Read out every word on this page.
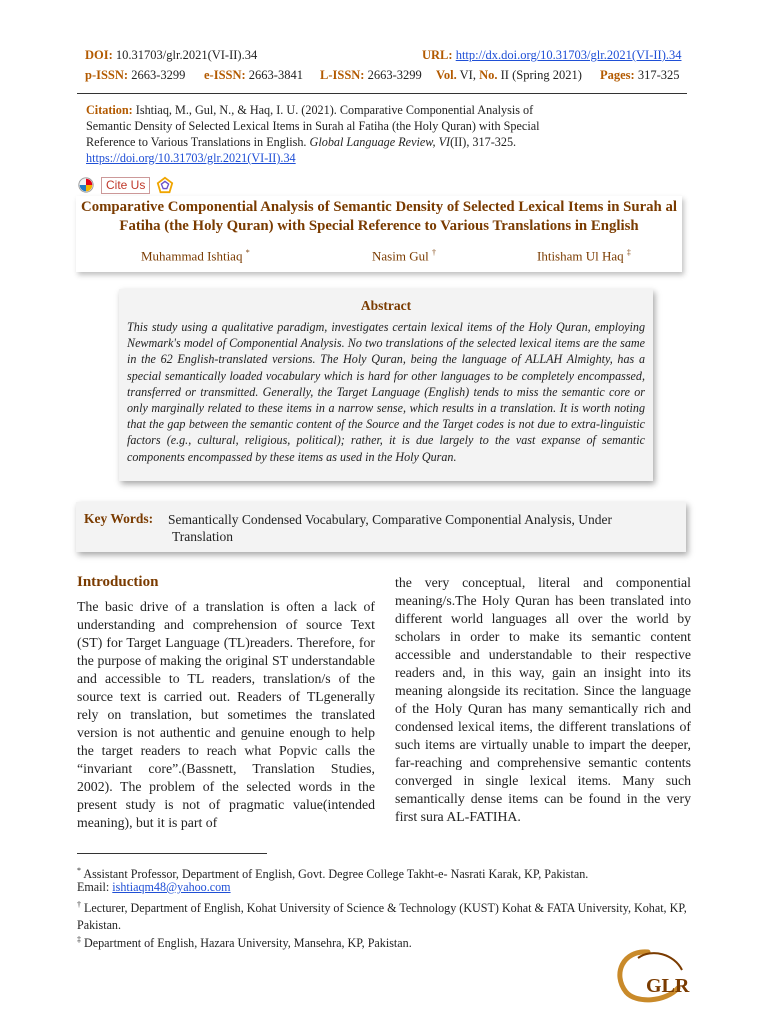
DOI: 10.31703/glr.2021(VI-II).34	URL: http://dx.doi.org/10.31703/glr.2021(VI-II).34
p-ISSN: 2663-3299 e-ISSN: 2663-3841 L-ISSN: 2663-3299 Vol. VI, No. II (Spring 2021) Pages: 317-325
Citation: Ishtiaq, M., Gul, N., & Haq, I. U. (2021). Comparative Componential Analysis of Semantic Density of Selected Lexical Items in Surah al Fatiha (the Holy Quran) with Special Reference to Various Translations in English. Global Language Review, VI(II), 317-325.
https://doi.org/10.31703/glr.2021(VI-II).34
Cite Us
Comparative Componential Analysis of Semantic Density of Selected Lexical Items in Surah al Fatiha (the Holy Quran) with Special Reference to Various Translations in English
Muhammad Ishtiaq *	Nasim Gul †	Ihtisham Ul Haq ‡
Abstract
This study using a qualitative paradigm, investigates certain lexical items of the Holy Quran, employing Newmark's model of Componential Analysis. No two translations of the selected lexical items are the same in the 62 English-translated versions. The Holy Quran, being the language of ALLAH Almighty, has a special semantically loaded vocabulary which is hard for other languages to be completely encompassed, transferred or transmitted. Generally, the Target Language (English) tends to miss the semantic core or only marginally related to these items in a narrow sense, which results in a translation. It is worth noting that the gap between the semantic content of the Source and the Target codes is not due to extra-linguistic factors (e.g., cultural, religious, political); rather, it is due largely to the vast expanse of semantic components encompassed by these items as used in the Holy Quran.
Key Words: Semantically Condensed Vocabulary, Comparative Componential Analysis, Under
Translation
Introduction
The basic drive of a translation is often a lack of understanding and comprehension of source Text (ST) for Target Language (TL)readers. Therefore, for the purpose of making the original ST understandable and accessible to TL readers, translation/s of the source text is carried out. Readers of TLgenerally rely on translation, but sometimes the translated version is not authentic and genuine enough to help the target readers to reach what Popvic calls the “invariant core”.(Bassnett, Translation Studies, 2002). The problem of the selected words in the present study is not of pragmatic value(intended meaning), but it is part of
the very conceptual, literal and componential meaning/s.The Holy Quran has been translated into different world languages all over the world by scholars in order to make its semantic content accessible and understandable to their respective readers and, in this way, gain an insight into its meaning alongside its recitation. Since the language of the Holy Quran has many semantically rich and condensed lexical items, the different translations of such items are virtually unable to impart the deeper, far-reaching and comprehensive semantic contents converged in single lexical items. Many such semantically dense items can be found in the very first sura AL-FATIHA.
* Assistant Professor, Department of English, Govt. Degree College Takht-e- Nasrati Karak, KP, Pakistan.
Email: ishtiaqm48@yahoo.com
† Lecturer, Department of English, Kohat University of Science & Technology (KUST) Kohat & FATA University, Kohat, KP, Pakistan.
‡ Department of English, Hazara University, Mansehra, KP, Pakistan.
GLR
